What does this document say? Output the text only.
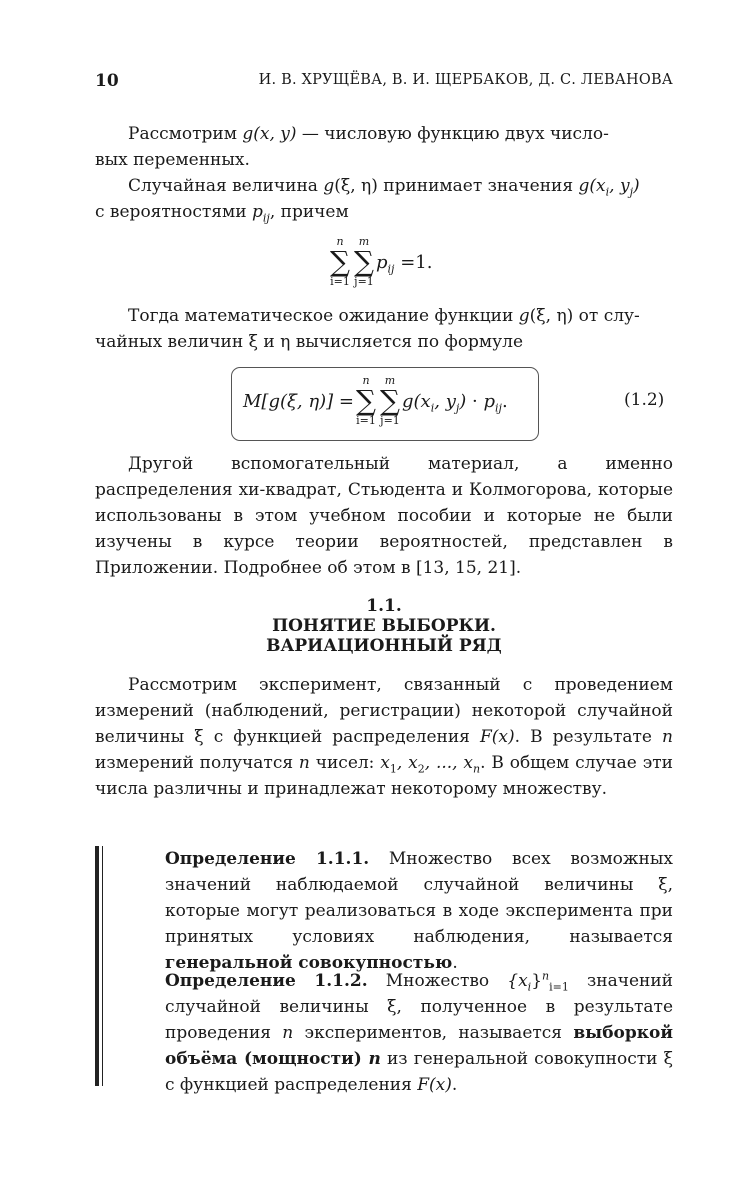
10	И. В. ХРУЩЁВА, В. И. ЩЕРБАКОВ, Д. С. ЛЕВАНОВА

Рассмотрим g(x, y) — числовую функцию двух число-
вых переменных.

Случайная величина g(ξ, η) принимает значения $g(x_i$, $y_j$)
с вероятностями $p_{ij}$, причем

n
∑
i=1
m
∑
j=1
$p_{ij} =1$.

Тогда математическое ожидание функции g(ξ, η) от слу-
чайных величин ξ и η вычисляется по формуле

M[g(ξ, η)] =
n
∑
i=1
m
∑
j=1
$g(x_i$, $y_j) \cdot p_{ij}$.	(1.2)

Другой вспомогательный материал, а именно распределения хи-квадрат, Стьюдента и Колмогорова, которые использованы в этом учебном пособии и которые не были изучены в курсе теории вероятностей, представлен в Приложении. Подробнее об этом в [13, 15, 21].

1.1.
ПОНЯТИЕ ВЫБОРКИ.
ВАРИАЦИОННЫЙ РЯД

Рассмотрим эксперимент, связанный с проведением измерений (наблюдений, регистрации) некоторой случайной величины ξ с функцией распределения F(x). В результате n измерений получатся n чисел: $x_1$, $x_2$, ..., $x_n$. В общем случае эти числа различны и принадлежат некоторому множеству.

Определение 1.1.1. Множество всех возможных значений наблюдаемой случайной величины ξ, которые могут реализоваться в ходе эксперимента при принятых условиях наблюдения, называется генеральной совокупностью.

Определение 1.1.2. Множество $\{x_i\}^n_{i=1}$ значений случайной величины ξ, полученное в результате проведения n экспериментов, называется выборкой объёма (мощности) n из генеральной совокупности ξ с функцией распределения F(x).
